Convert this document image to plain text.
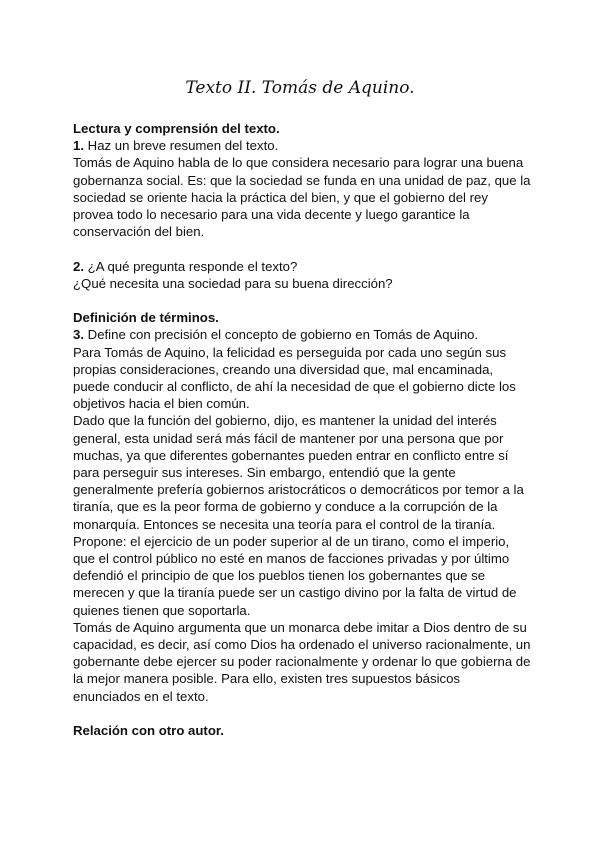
Texto II. Tomás de Aquino.

Lectura y comprensión del texto.

1. Haz un breve resumen del texto.

Tomás de Aquino habla de lo que considera necesario para lograr una buena

gobernanza social. Es: que la sociedad se funda en una unidad de paz, que la

sociedad se oriente hacia la práctica del bien, y que el gobierno del rey

provea todo lo necesario para una vida decente y luego garantice la

conservación del bien.

2. ¿A qué pregunta responde el texto?

¿Qué necesita una sociedad para su buena dirección?

Definición de términos.

3. Define con precisión el concepto de gobierno en Tomás de Aquino.

Para Tomás de Aquino, la felicidad es perseguida por cada uno según sus

propias consideraciones, creando una diversidad que, mal encaminada,

puede conducir al conflicto, de ahí la necesidad de que el gobierno dicte los

objetivos hacia el bien común.

Dado que la función del gobierno, dijo, es mantener la unidad del interés

general, esta unidad será más fácil de mantener por una persona que por

muchas, ya que diferentes gobernantes pueden entrar en conflicto entre sí

para perseguir sus intereses. Sin embargo, entendió que la gente

generalmente prefería gobiernos aristocráticos o democráticos por temor a la

tiranía, que es la peor forma de gobierno y conduce a la corrupción de la

monarquía. Entonces se necesita una teoría para el control de la tiranía.

Propone: el ejercicio de un poder superior al de un tirano, como el imperio,

que el control público no esté en manos de facciones privadas y por último

defendió el principio de que los pueblos tienen los gobernantes que se

merecen y que la tiranía puede ser un castigo divino por la falta de virtud de

quienes tienen que soportarla.

Tomás de Aquino argumenta que un monarca debe imitar a Dios dentro de su

capacidad, es decir, así como Dios ha ordenado el universo racionalmente, un

gobernante debe ejercer su poder racionalmente y ordenar lo que gobierna de

la mejor manera posible. Para ello, existen tres supuestos básicos

enunciados en el texto.

Relación con otro autor.
